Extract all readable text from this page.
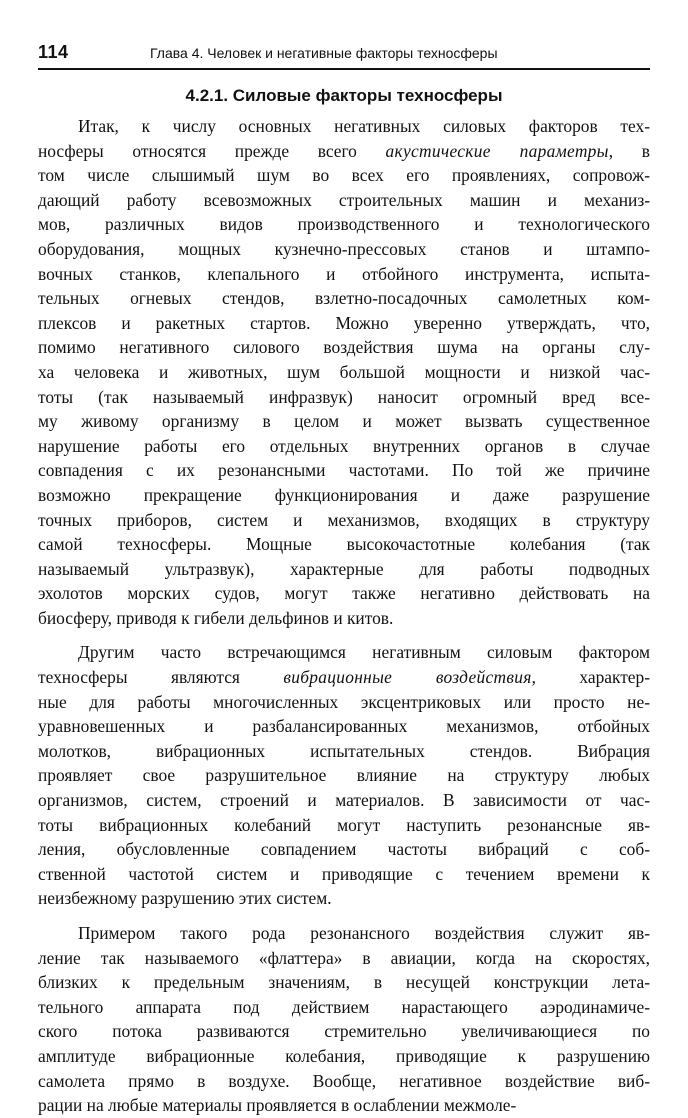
114	Глава 4. Человек и негативные факторы техносферы
4.2.1. Силовые факторы техносферы
Итак, к числу основных негативных силовых факторов тех-
носферы относятся прежде всего акустические параметры, в
том числе слышимый шум во всех его проявлениях, сопровож-
дающий работу всевозможных строительных машин и механиз-
мов, различных видов производственного и технологического
оборудования, мощных кузнечно-прессовых станов и штампо-
вочных станков, клепального и отбойного инструмента, испыта-
тельных огневых стендов, взлетно-посадочных самолетных ком-
плексов и ракетных стартов. Можно уверенно утверждать, что,
помимо негативного силового воздействия шума на органы слу-
ха человека и животных, шум большой мощности и низкой час-
тоты (так называемый инфразвук) наносит огромный вред все-
му живому организму в целом и может вызвать существенное
нарушение работы его отдельных внутренних органов в случае
совпадения с их резонансными частотами. По той же причине
возможно прекращение функционирования и даже разрушение
точных приборов, систем и механизмов, входящих в структуру
самой техносферы. Мощные высокочастотные колебания (так
называемый ультразвук), характерные для работы подводных
эхолотов морских судов, могут также негативно действовать на
биосферу, приводя к гибели дельфинов и китов.
Другим часто встречающимся негативным силовым фактором
техносферы являются вибрационные воздействия, характер-
ные для работы многочисленных эксцентриковых или просто не-
уравновешенных и разбалансированных механизмов, отбойных
молотков, вибрационных испытательных стендов. Вибрация
проявляет свое разрушительное влияние на структуру любых
организмов, систем, строений и материалов. В зависимости от час-
тоты вибрационных колебаний могут наступить резонансные яв-
ления, обусловленные совпадением частоты вибраций с соб-
ственной частотой систем и приводящие с течением времени к
неизбежному разрушению этих систем.
Примером такого рода резонансного воздействия служит яв-
ление так называемого «флаттера» в авиации, когда на скоростях,
близких к предельным значениям, в несущей конструкции лета-
тельного аппарата под действием нарастающего аэродинамиче-
ского потока развиваются стремительно увеличивающиеся по
амплитуде вибрационные колебания, приводящие к разрушению
самолета прямо в воздухе. Вообще, негативное воздействие виб-
рации на любые материалы проявляется в ослаблении межмоле-
